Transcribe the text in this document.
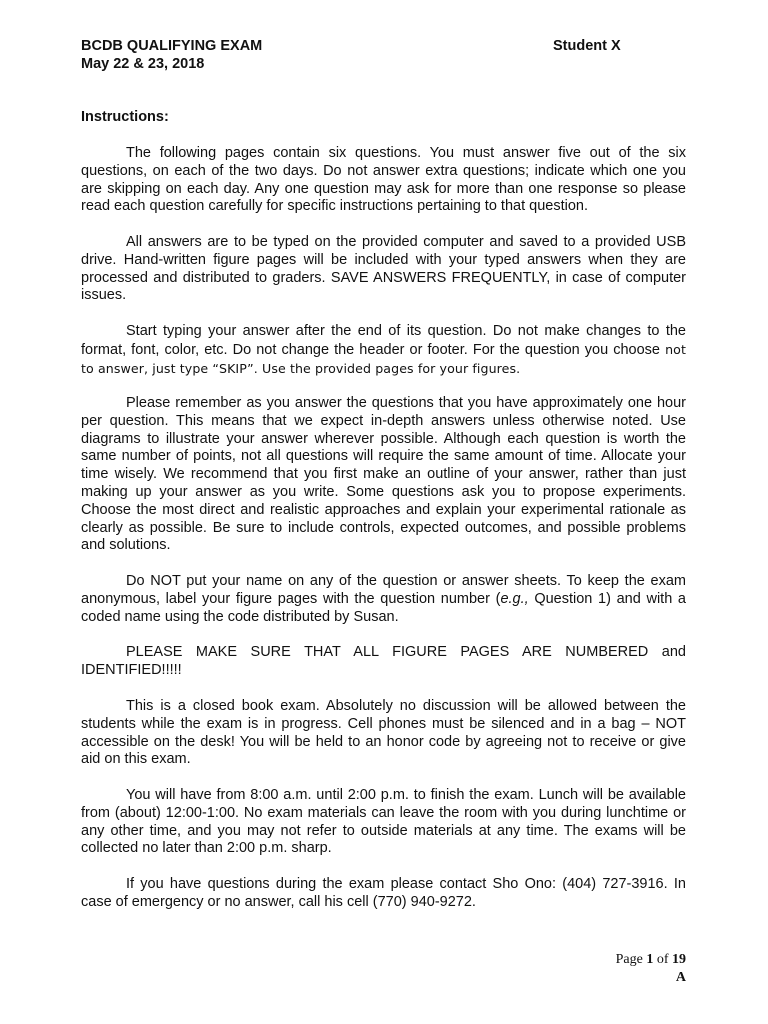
BCDB QUALIFYING EXAM	Student X
May 22 & 23, 2018
Instructions:

The following pages contain six questions. You must answer five out of the six questions, on each of the two days. Do not answer extra questions; indicate which one you are skipping on each day. Any one question may ask for more than one response so please read each question carefully for specific instructions pertaining to that question.

All answers are to be typed on the provided computer and saved to a provided USB drive. Hand-written figure pages will be included with your typed answers when they are processed and distributed to graders. SAVE ANSWERS FREQUENTLY, in case of computer issues.

Start typing your answer after the end of its question. Do not make changes to the format, font, color, etc. Do not change the header or footer. For the question you choose not to answer, just type “SKIP”. Use the provided pages for your figures.

Please remember as you answer the questions that you have approximately one hour per question. This means that we expect in-depth answers unless otherwise noted. Use diagrams to illustrate your answer wherever possible. Although each question is worth the same number of points, not all questions will require the same amount of time. Allocate your time wisely. We recommend that you first make an outline of your answer, rather than just making up your answer as you write. Some questions ask you to propose experiments. Choose the most direct and realistic approaches and explain your experimental rationale as clearly as possible. Be sure to include controls, expected outcomes, and possible problems and solutions.

Do NOT put your name on any of the question or answer sheets. To keep the exam anonymous, label your figure pages with the question number (e.g., Question 1) and with a coded name using the code distributed by Susan.

PLEASE MAKE SURE THAT ALL FIGURE PAGES ARE NUMBERED and IDENTIFIED!!!!!

This is a closed book exam. Absolutely no discussion will be allowed between the students while the exam is in progress. Cell phones must be silenced and in a bag – NOT accessible on the desk! You will be held to an honor code by agreeing not to receive or give aid on this exam.

You will have from 8:00 a.m. until 2:00 p.m. to finish the exam. Lunch will be available from (about) 12:00-1:00. No exam materials can leave the room with you during lunchtime or any other time, and you may not refer to outside materials at any time. The exams will be collected no later than 2:00 p.m. sharp.

If you have questions during the exam please contact Sho Ono: (404) 727-3916. In case of emergency or no answer, call his cell (770) 940-9272.

Page 1 of 19
A
